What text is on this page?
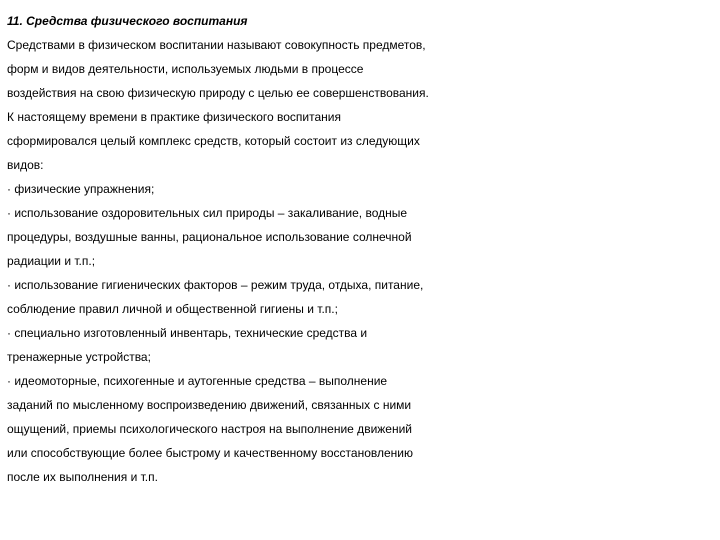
11. Средства физического воспитания
Средствами в физическом воспитании называют совокупность предметов,
форм и видов деятельности, используемых людьми в процессе
воздействия на свою физическую природу с целью ее совершенствования.
К настоящему времени в практике физического воспитания
сформировался целый комплекс средств, который состоит из следующих
видов:
· физические упражнения;
· использование оздоровительных сил природы – закаливание, водные
процедуры, воздушные ванны, рациональное использование солнечной
радиации и т.п.;
· использование гигиенических факторов – режим труда, отдыха, питание,
соблюдение правил личной и общественной гигиены и т.п.;
· специально изготовленный инвентарь, технические средства и
тренажерные устройства;
· идеомоторные, психогенные и аутогенные средства – выполнение
заданий по мысленному воспроизведению движений, связанных с ними
ощущений, приемы психологического настроя на выполнение движений
или способствующие более быстрому и качественному восстановлению
после их выполнения и т.п.
